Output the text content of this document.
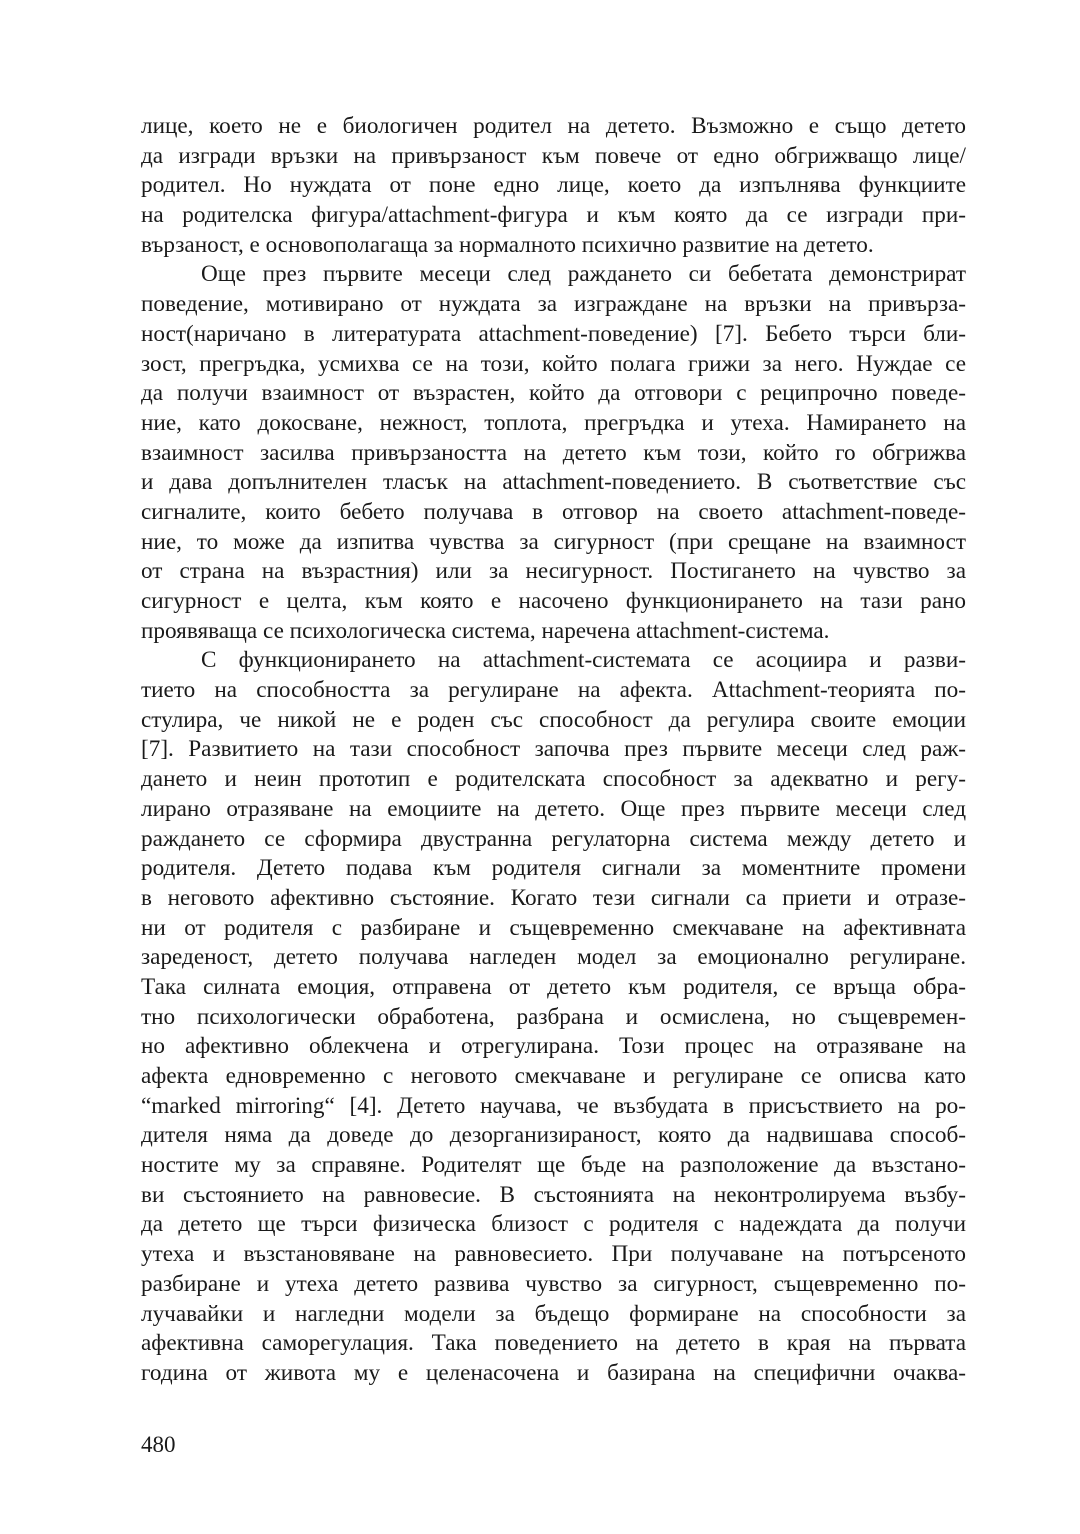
лице, което не е биологичен родител на детето. Възможно е също детето
да изгради връзки на привързаност към повече от едно обгрижващо лице/
родител. Но нуждата от поне едно лице, което да изпълнява функциите
на родителска фигура/attachment-фигура и към която да се изгради при-
вързаност, е основополагаща за нормалното психично развитие на детето.
Още през първите месеци след раждането си бебетата демонстрират
поведение, мотивирано от нуждата за изграждане на връзки на привърза-
ност(наричано в литературата attachment-поведение) [7]. Бебето търси бли-
зост, прегръдка, усмихва се на този, който полага грижи за него. Нуждае се
да получи взаимност от възрастен, който да отговори с реципрочно поведе-
ние, като докосване, нежност, топлота, прегръдка и утеха. Намирането на
взаимност засилва привързаността на детето към този, който го обгрижва
и дава допълнителен тласък на attachment-поведението. В съответствие със
сигналите, които бебето получава в отговор на своето attachment-поведе-
ние, то може да изпитва чувства за сигурност (при срещане на взаимност
от страна на възрастния) или за несигурност. Постигането на чувство за
сигурност е целта, към която е насочено функционирането на тази рано
проявяваща се психологическа система, наречена attachment-система.
С функционирането на attachment-системата се асоциира и разви-
тието на способността за регулиране на афекта. Attachment-теорията по-
стулира, че никой не е роден със способност да регулира своите емоции
[7]. Развитието на тази способност започва през първите месеци след раж-
дането и неин прототип е родителската способност за адекватно и регу-
лирано отразяване на емоциите на детето. Още през първите месеци след
раждането се сформира двустранна регулаторна система между детето и
родителя. Детето подава към родителя сигнали за моментните промени
в неговото афективно състояние. Когато тези сигнали са приети и отразе-
ни от родителя с разбиране и същевременно смекчаване на афективната
зареденост, детето получава нагледен модел за емоционално регулиране.
Така силната емоция, отправена от детето към родителя, се връща обра-
тно психологически обработена, разбрана и осмислена, но същевремен-
но афективно облекчена и отрегулирана. Този процес на отразяване на
афекта едновременно с неговото смекчаване и регулиране се описва като
“marked mirroring“ [4]. Детето научава, че възбудата в присъствието на ро-
дителя няма да доведе до дезорганизираност, която да надвишава способ-
ностите му за справяне. Родителят ще бъде на разположение да възстано-
ви състоянието на равновесие. В състоянията на неконтролируема възбу-
да детето ще търси физическа близост с родителя с надеждата да получи
утеха и възстановяване на равновесието. При получаване на потърсеното
разбиране и утеха детето развива чувство за сигурност, същевременно по-
лучавайки и нагледни модели за бъдещо формиране на способности за
афективна саморегулация. Така поведението на детето в края на първата
година от живота му е целенасочена и базирана на специфични очаква-
480
